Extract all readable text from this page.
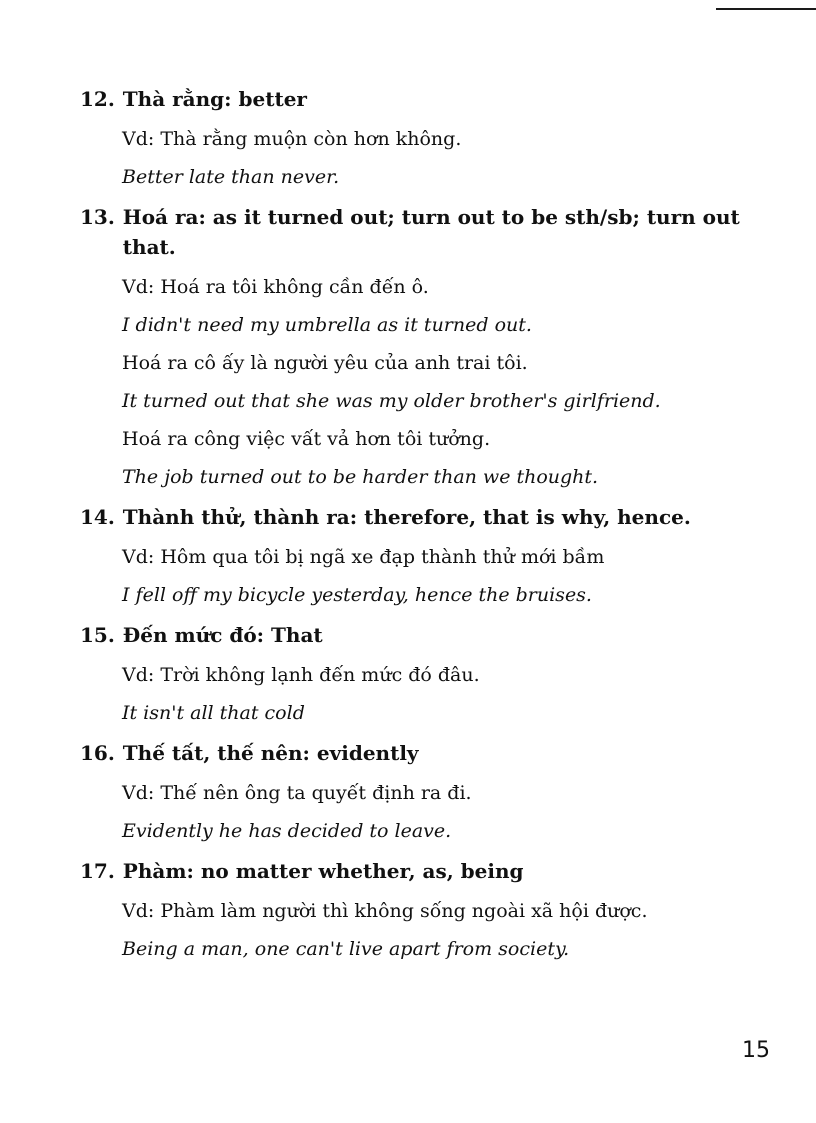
12. Thà rằng: better
Vd: Thà rằng muộn còn hơn không.
Better late than never.
13. Hoá ra: as it turned out; turn out to be sth/sb; turn out that.
Vd: Hoá ra tôi không cần đến ô.
I didn't need my umbrella as it turned out.
Hoá ra cô ấy là người yêu của anh trai tôi.
It turned out that she was my older brother's girlfriend.
Hoá ra công việc vất vả hơn tôi tưởng.
The job turned out to be harder than we thought.
14. Thành thử, thành ra: therefore, that is why, hence.
Vd: Hôm qua tôi bị ngã xe đạp thành thử mới bầm
I fell off my bicycle yesterday, hence the bruises.
15. Đến mức đó: That
Vd: Trời không lạnh đến mức đó đâu.
It isn't all that cold
16. Thế tất, thế nên: evidently
Vd: Thế nên ông ta quyết định ra đi.
Evidently he has decided to leave.
17. Phàm: no matter whether, as, being
Vd: Phàm làm người thì không sống ngoài xã hội được.
Being a man, one can't live apart from society.
15
